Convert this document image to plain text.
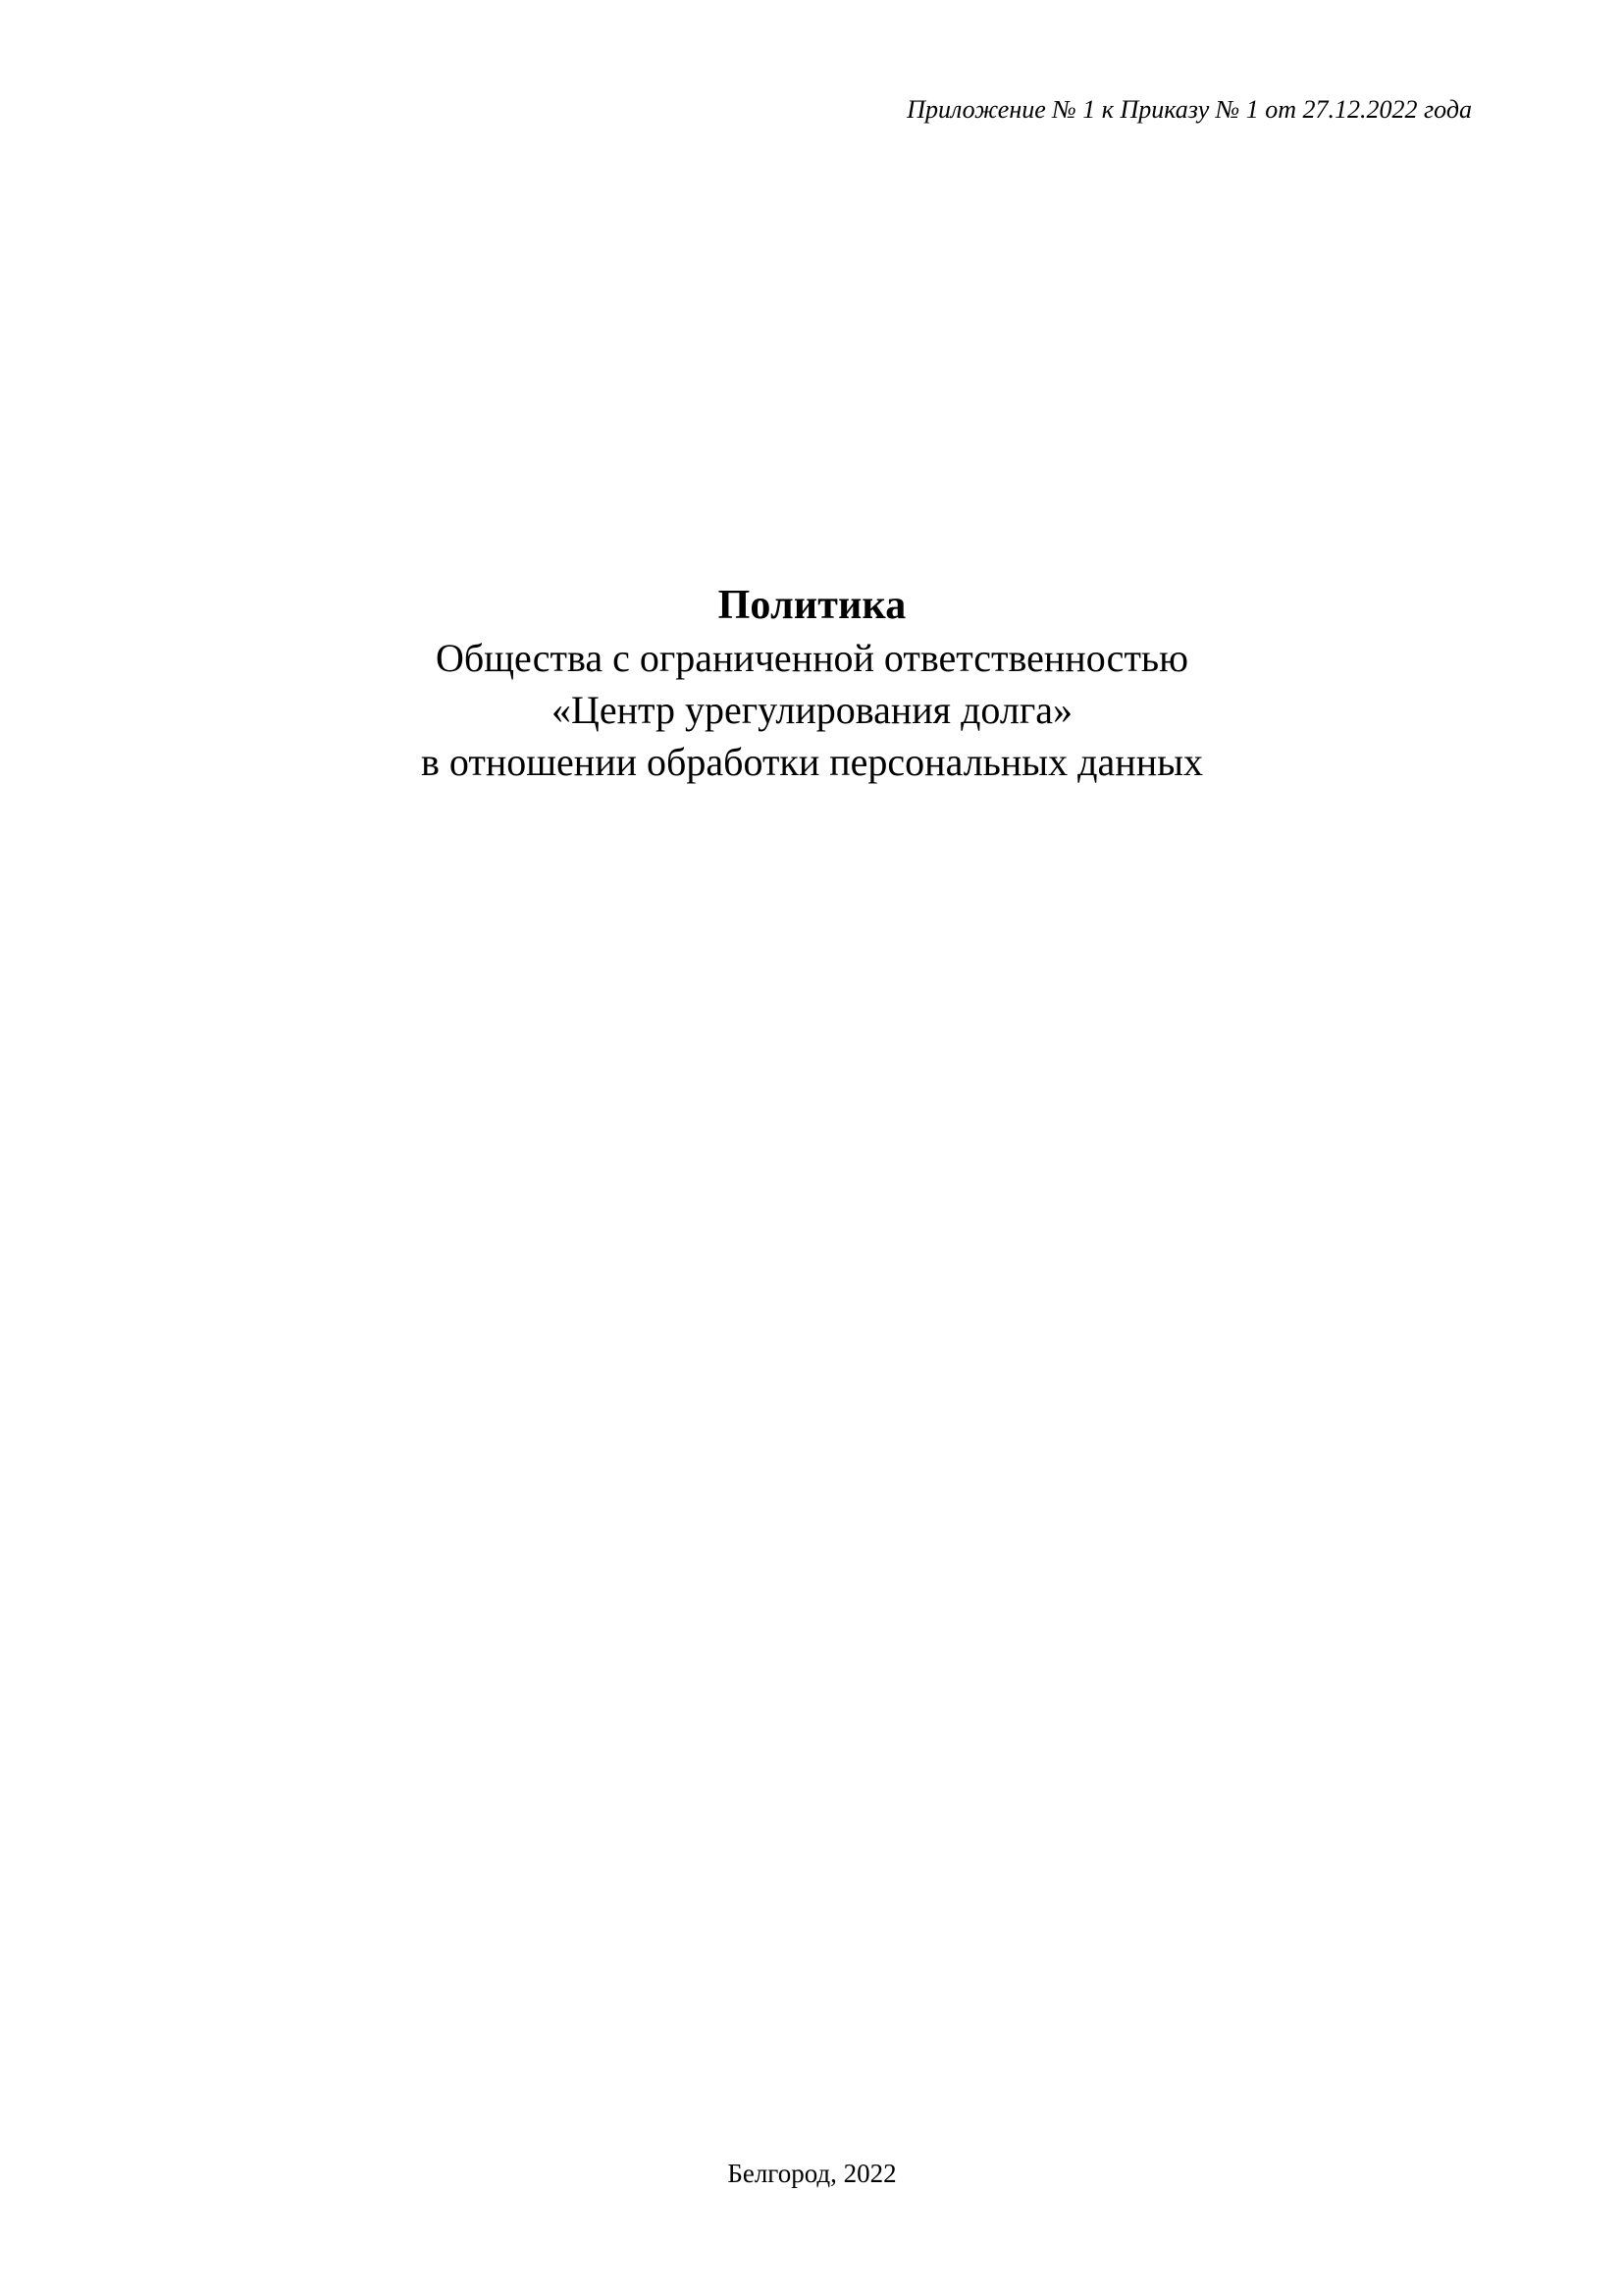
Приложение № 1 к Приказу № 1 от 27.12.2022 года
Политика
Общества с ограниченной ответственностью
«Центр урегулирования долга»
в отношении обработки персональных данных
Белгород, 2022
